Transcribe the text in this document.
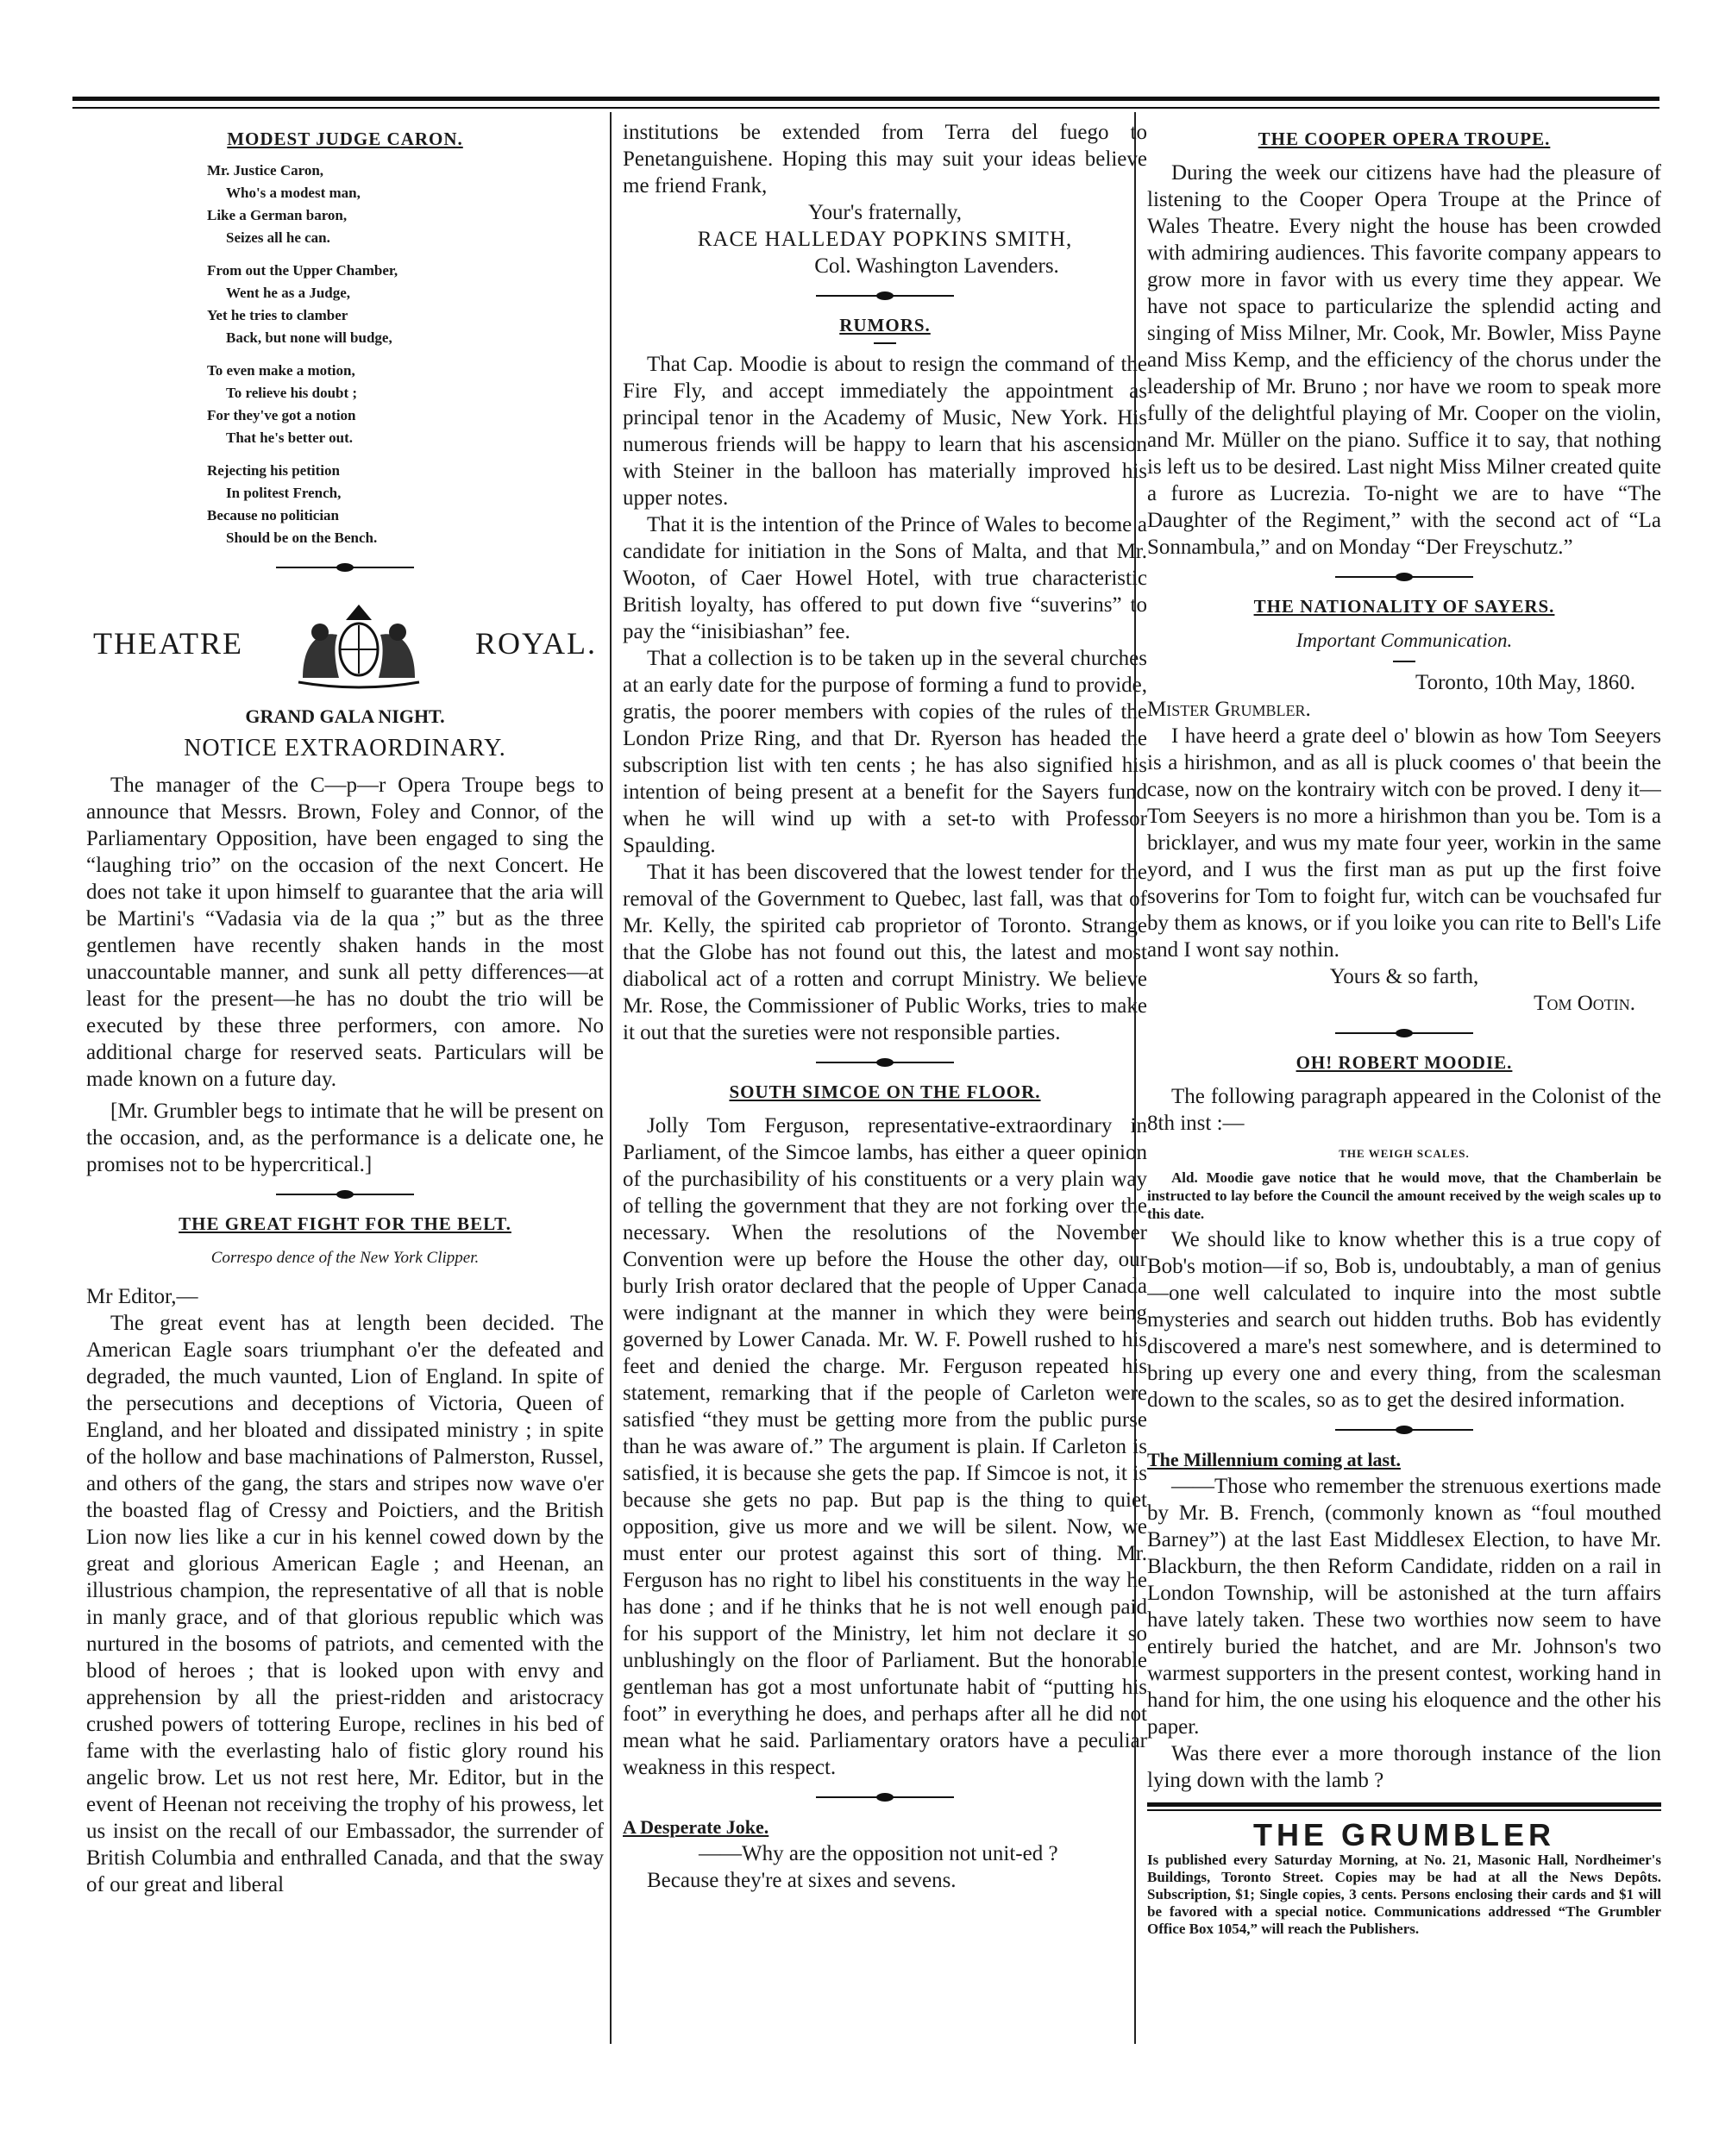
MODEST JUDGE CARON.
Mr. Justice Caron,
Who's a modest man,
Like a German baron,
Seizes all he can.
From out the Upper Chamber,
Went he as a Judge,
Yet he tries to clamber
Back, but none will budge,
To even make a motion,
To relieve his doubt ;
For they've got a notion
That he's better out.
Rejecting his petition
In politest French,
Because no politician
Should be on the Bench.
THEATRE	ROYAL.
GRAND GALA NIGHT.
NOTICE EXTRAORDINARY.

The manager of the C—p—r Opera Troupe begs to announce that Messrs. Brown, Foley and Connor, of the Parliamentary Opposition, have been engaged to sing the “laughing trio” on the occasion of the next Concert. He does not take it upon himself to guarantee that the aria will be Martini's “Vadasia via de la qua ;” but as the three gentlemen have recently shaken hands in the most unaccountable manner, and sunk all petty differences—at least for the present—he has no doubt the trio will be executed by these three performers, con amore. No additional charge for reserved seats. Particulars will be made known on a future day.

[Mr. Grumbler begs to intimate that he will be present on the occasion, and, as the performance is a delicate one, he promises not to be hypercritical.]

THE GREAT FIGHT FOR THE BELT.
Correspo dence of the New York Clipper.

Mr Editor,—

The great event has at length been decided. The American Eagle soars triumphant o'er the defeated and degraded, the much vaunted, Lion of England. In spite of the persecutions and deceptions of Victoria, Queen of England, and her bloated and dissipated ministry ; in spite of the hollow and base machinations of Palmerston, Russel, and others of the gang, the stars and stripes now wave o'er the boasted flag of Cressy and Poictiers, and the British Lion now lies like a cur in his kennel cowed down by the great and glorious American Eagle ; and Heenan, an illustrious champion, the representative of all that is noble in manly grace, and of that glorious republic which was nurtured in the bosoms of patriots, and cemented with the blood of heroes ; that is looked upon with envy and apprehension by all the priest-ridden and aristocracy crushed powers of tottering Europe, reclines in his bed of fame with the everlasting halo of fistic glory round his angelic brow. Let us not rest here, Mr. Editor, but in the event of Heenan not receiving the trophy of his prowess, let us insist on the recall of our Embassador, the surrender of British Columbia and enthralled Canada, and that the sway of our great and liberal

institutions be extended from Terra del fuego to Penetanguishene. Hoping this may suit your ideas believe me friend Frank,

Your's fraternally,
RACE HALLEDAY POPKINS SMITH,
Col. Washington Lavenders.
RUMORS.

That Cap. Moodie is about to resign the command of the Fire Fly, and accept immediately the appointment as principal tenor in the Academy of Music, New York. His numerous friends will be happy to learn that his ascension with Steiner in the balloon has materially improved his upper notes.

That it is the intention of the Prince of Wales to become a candidate for initiation in the Sons of Malta, and that Mr. Wooton, of Caer Howel Hotel, with true characteristic British loyalty, has offered to put down five “suverins” to pay the “inisibiashan” fee.

That a collection is to be taken up in the several churches at an early date for the purpose of forming a fund to provide, gratis, the poorer members with copies of the rules of the London Prize Ring, and that Dr. Ryerson has headed the subscription list with ten cents ; he has also signified his intention of being present at a benefit for the Sayers fund when he will wind up with a set-to with Professor Spaulding.

That it has been discovered that the lowest tender for the removal of the Government to Quebec, last fall, was that of Mr. Kelly, the spirited cab proprietor of Toronto. Strange that the Globe has not found out this, the latest and most diabolical act of a rotten and corrupt Ministry. We believe Mr. Rose, the Commissioner of Public Works, tries to make it out that the sureties were not responsible parties.

SOUTH SIMCOE ON THE FLOOR.

Jolly Tom Ferguson, representative-extraordinary in Parliament, of the Simcoe lambs, has either a queer opinion of the purchasibility of his constituents or a very plain way of telling the government that they are not forking over the necessary. When the resolutions of the November Convention were up before the House the other day, our burly Irish orator declared that the people of Upper Canada were indignant at the manner in which they were being governed by Lower Canada. Mr. W. F. Powell rushed to his feet and denied the charge. Mr. Ferguson repeated his statement, remarking that if the people of Carleton were satisfied “they must be getting more from the public purse than he was aware of.” The argument is plain. If Carleton is satisfied, it is because she gets the pap. If Simcoe is not, it is because she gets no pap. But pap is the thing to quiet opposition, give us more and we will be silent. Now, we must enter our protest against this sort of thing. Mr. Ferguson has no right to libel his constituents in the way he has done ; and if he thinks that he is not well enough paid for his support of the Ministry, let him not declare it so unblushingly on the floor of Parliament. But the honorable gentleman has got a most unfortunate habit of “putting his foot” in everything he does, and perhaps after all he did not mean what he said. Parliamentary orators have a peculiar weakness in this respect.

A Desperate Joke.

——Why are the opposition not unit-ed ?

Because they're at sixes and sevens.

THE COOPER OPERA TROUPE.

During the week our citizens have had the pleasure of listening to the Cooper Opera Troupe at the Prince of Wales Theatre. Every night the house has been crowded with admiring audiences. This favorite company appears to grow more in favor with us every time they appear. We have not space to particularize the splendid acting and singing of Miss Milner, Mr. Cook, Mr. Bowler, Miss Payne and Miss Kemp, and the efficiency of the chorus under the leadership of Mr. Bruno ; nor have we room to speak more fully of the delightful playing of Mr. Cooper on the violin, and Mr. Müller on the piano. Suffice it to say, that nothing is left us to be desired. Last night Miss Milner created quite a furore as Lucrezia. To-night we are to have “The Daughter of the Regiment,” with the second act of “La Sonnambula,” and on Monday “Der Freyschutz.”

THE NATIONALITY OF SAYERS.
Important Communication.
Toronto, 10th May, 1860.

Mister Grumbler.

I have heerd a grate deel o' blowin as how Tom Seeyers is a hirishmon, and as all is pluck coomes o' that beein the case, now on the kontrairy witch con be proved. I deny it—Tom Seeyers is no more a hirishmon than you be. Tom is a bricklayer, and wus my mate four yeer, workin in the same yord, and I wus the first man as put up the first foive soverins for Tom to foight fur, witch can be vouchsafed fur by them as knows, or if you loike you can rite to Bell's Life and I wont say nothin.

Yours & so farth,
Tom Ootin.
OH! ROBERT MOODIE.

The following paragraph appeared in the Colonist of the 8th inst :—

THE WEIGH SCALES.

Ald. Moodie gave notice that he would move, that the Chamberlain be instructed to lay before the Council the amount received by the weigh scales up to this date.

We should like to know whether this is a true copy of Bob's motion—if so, Bob is, undoubtably, a man of genius—one well calculated to inquire into the most subtle mysteries and search out hidden truths. Bob has evidently discovered a mare's nest somewhere, and is determined to bring up every one and every thing, from the scalesman down to the scales, so as to get the desired information.

The Millennium coming at last.

——Those who remember the strenuous exertions made by Mr. B. French, (commonly known as “foul mouthed Barney”) at the last East Middlesex Election, to have Mr. Blackburn, the then Reform Candidate, ridden on a rail in London Township, will be astonished at the turn affairs have lately taken. These two worthies now seem to have entirely buried the hatchet, and are Mr. Johnson's two warmest supporters in the present contest, working hand in hand for him, the one using his eloquence and the other his paper.

Was there ever a more thorough instance of the lion lying down with the lamb ?

THE GRUMBLER
Is published every Saturday Morning, at No. 21, Masonic Hall, Nordheimer's Buildings, Toronto Street. Copies may be had at all the News Depôts. Subscription, $1; Single copies, 3 cents. Persons enclosing their cards and $1 will be favored with a special notice. Communications addressed “The Grumbler Office Box 1054,” will reach the Publishers.
